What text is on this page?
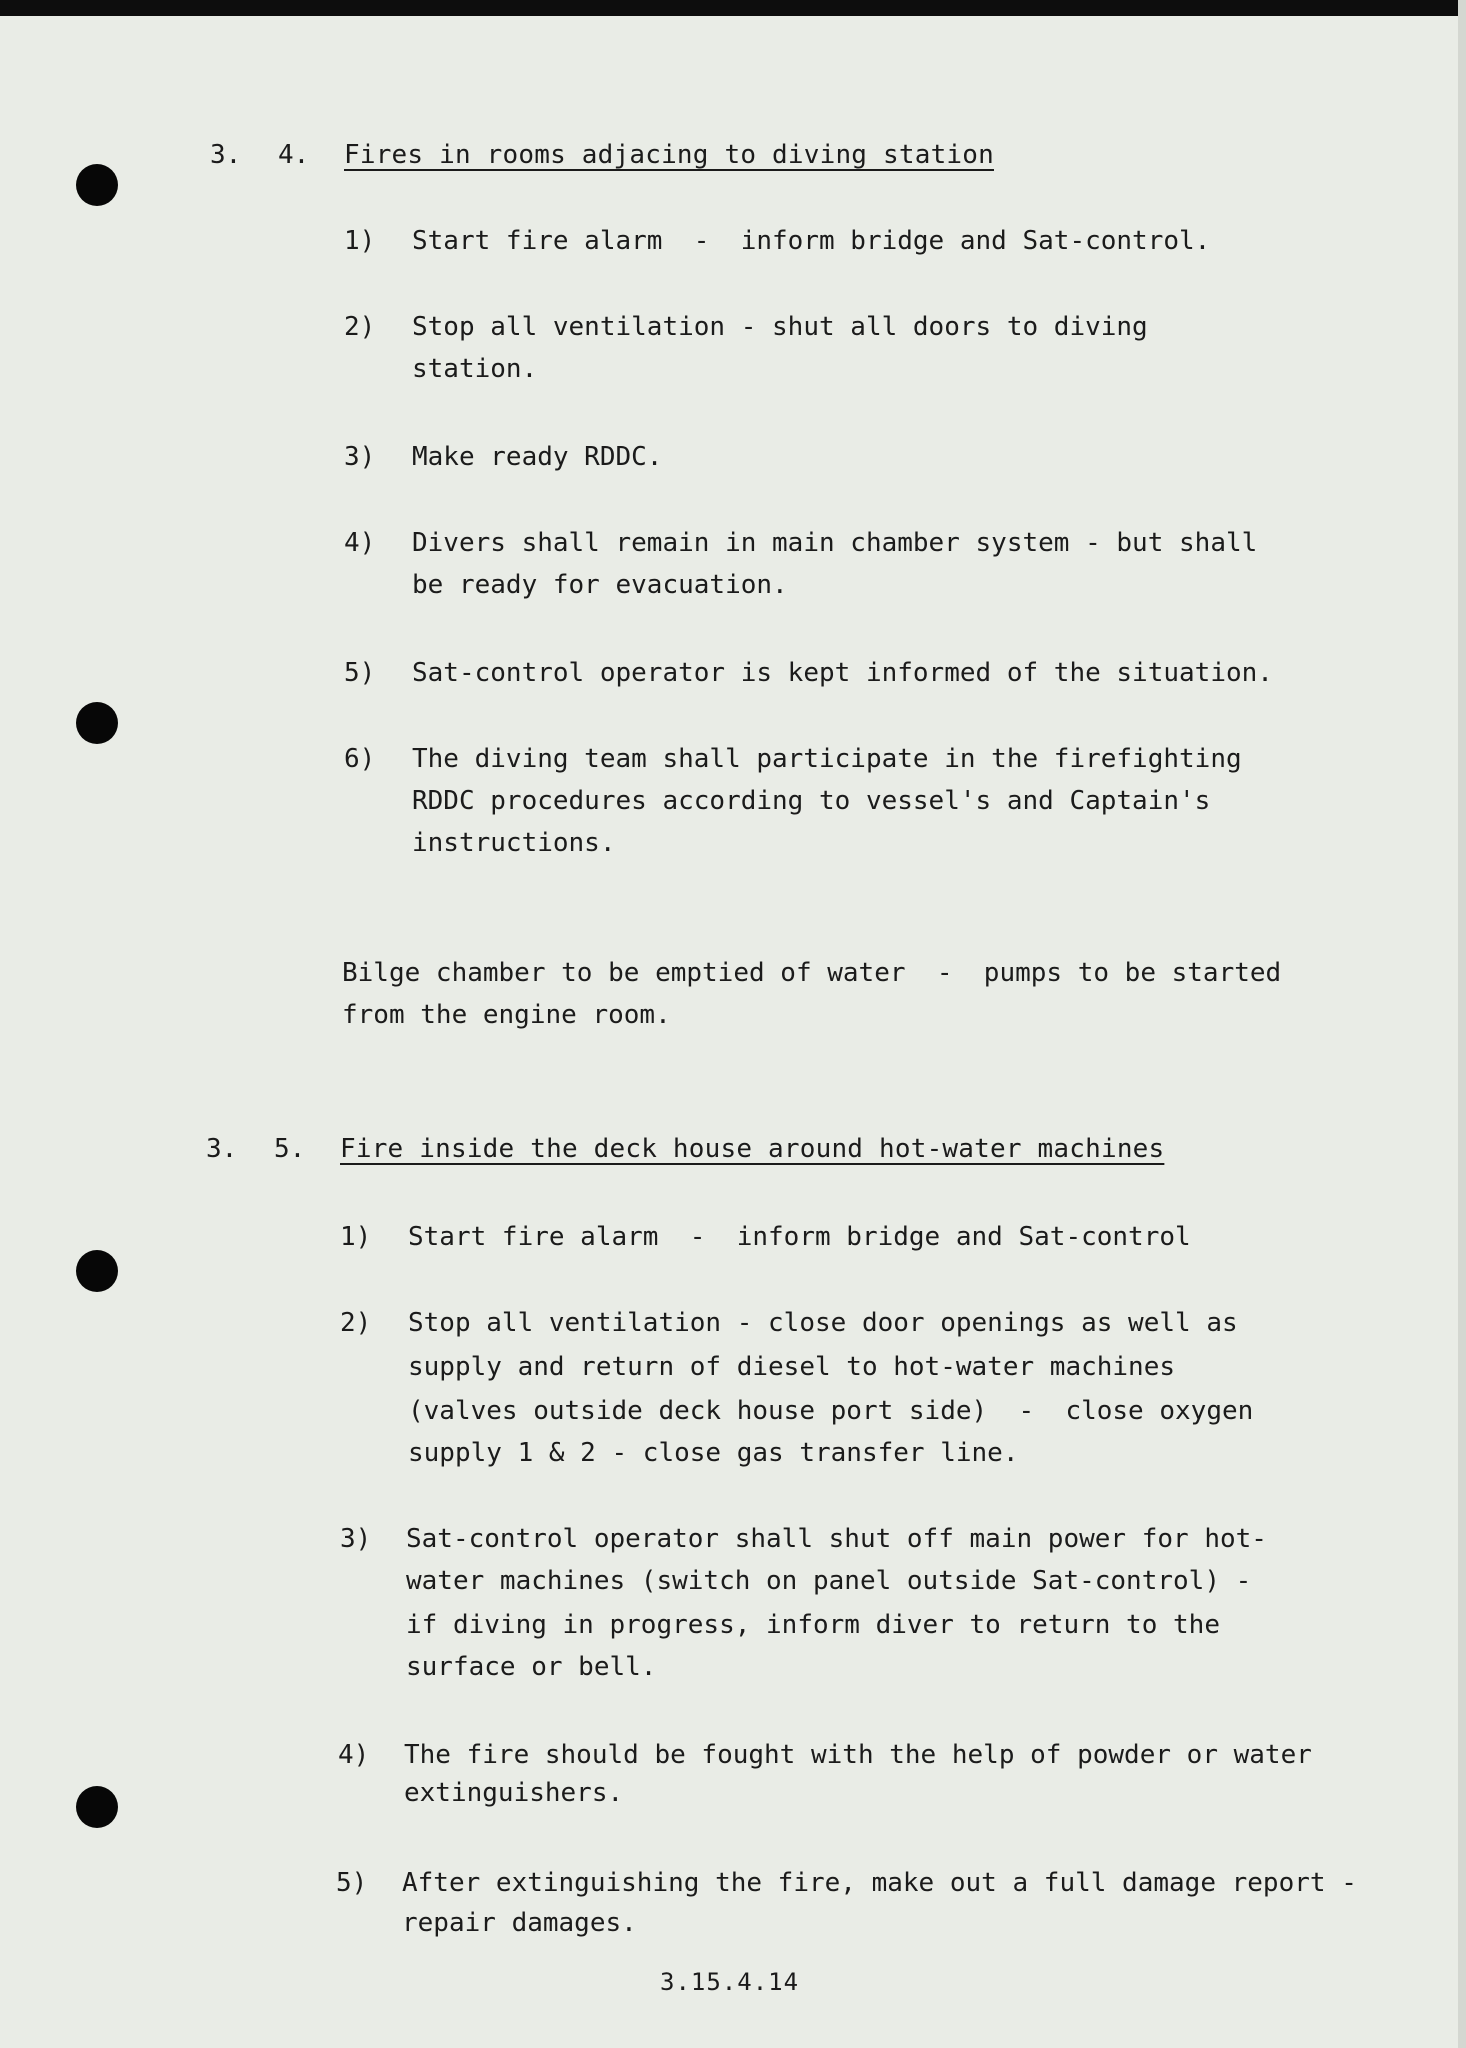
3. 4. Fires in rooms adjacing to diving station
1) Start fire alarm  -  inform bridge and Sat-control.
2) Stop all ventilation - shut all doors to diving
station.
3) Make ready RDDC.
4) Divers shall remain in main chamber system - but shall
be ready for evacuation.
5) Sat-control operator is kept informed of the situation.
6) The diving team shall participate in the firefighting
RDDC procedures according to vessel's and Captain's
instructions.
Bilge chamber to be emptied of water  -  pumps to be started
from the engine room.
3. 5. Fire inside the deck house around hot-water machines
1) Start fire alarm  -  inform bridge and Sat-control
2) Stop all ventilation - close door openings as well as
supply and return of diesel to hot-water machines
(valves outside deck house port side)  -  close oxygen
supply 1 & 2 - close gas transfer line.
3) Sat-control operator shall shut off main power for hot-
water machines (switch on panel outside Sat-control) -
if diving in progress, inform diver to return to the
surface or bell.
4) The fire should be fought with the help of powder or water
extinguishers.
5) After extinguishing the fire, make out a full damage report -
repair damages.
3.15.4.14
